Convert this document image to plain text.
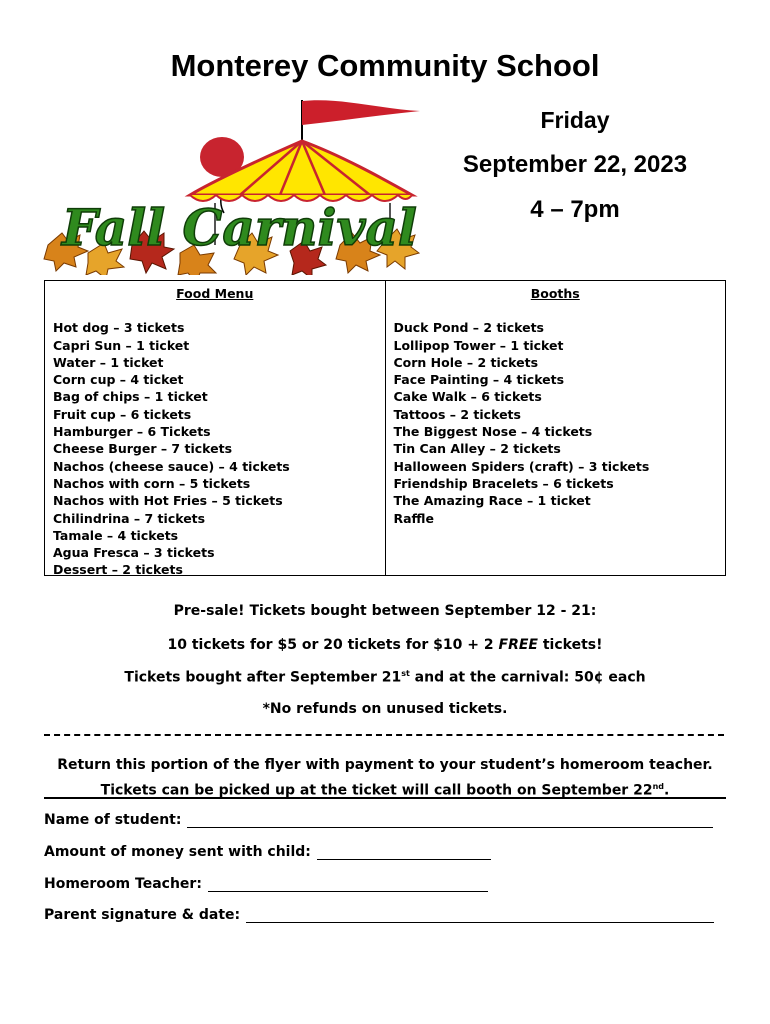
Monterey Community School
Friday
September 22, 2023
4 – 7pm
Fall Carnival
Food Menu
Hot dog – 3 tickets
Capri Sun – 1 ticket
Water – 1 ticket
Corn cup – 4 ticket
Bag of chips – 1 ticket
Fruit cup – 6 tickets
Hamburger – 6 Tickets
Cheese Burger – 7 tickets
Nachos (cheese sauce) – 4 tickets
Nachos with corn – 5 tickets
Nachos with Hot Fries – 5 tickets
Chilindrina – 7 tickets
Tamale – 4 tickets
Agua Fresca – 3 tickets
Dessert – 2 tickets
Booths
Duck Pond – 2 tickets
Lollipop Tower – 1 ticket
Corn Hole – 2 tickets
Face Painting – 4 tickets
Cake Walk – 6 tickets
Tattoos – 2 tickets
The Biggest Nose – 4 tickets
Tin Can Alley – 2 tickets
Halloween Spiders (craft) – 3 tickets
Friendship Bracelets – 6 tickets
The Amazing Race – 1 ticket
Raffle
Pre-sale! Tickets bought between September 12 - 21:
10 tickets for $5 or 20 tickets for $10 + 2 FREE tickets!
Tickets bought after September 21st and at the carnival: 50¢ each
*No refunds on unused tickets.
Return this portion of the flyer with payment to your student’s homeroom teacher.
Tickets can be picked up at the ticket will call booth on September 22nd.
Name of student:
Amount of money sent with child:
Homeroom Teacher:
Parent signature & date:
